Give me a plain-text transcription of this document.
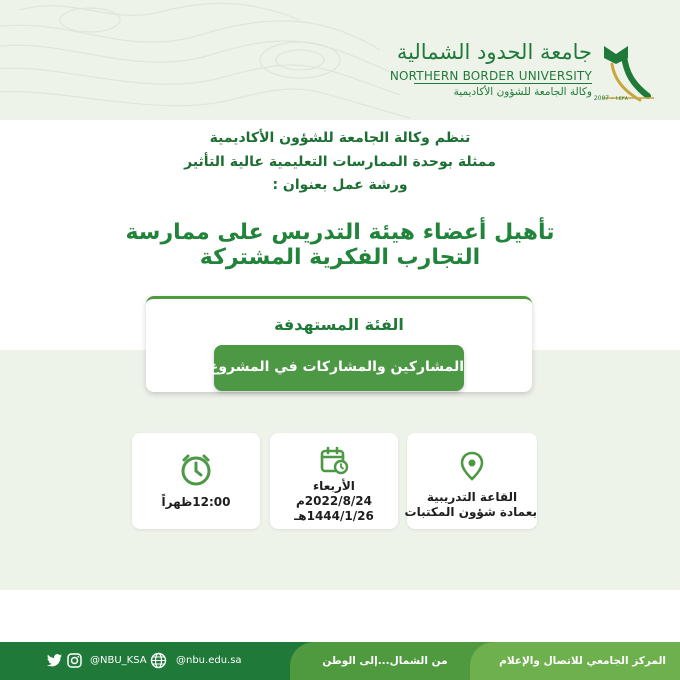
جامعة الحدود الشمالية
NORTHERN BORDER UNIVERSITY
وكالة الجامعة للشؤون الأكاديمية
2007 - ١٤٢٨
تنظم وكالة الجامعة للشؤون الأكاديمية
ممثلة بوحدة الممارسات التعليمية عالية التأثير
ورشة عمل بعنوان :
تأهيل أعضاء هيئة التدريس على ممارسة
التجارب الفكرية المشتركة
الفئة المستهدفة
المشاركين والمشاركات في المشروع
12:00ظهراً
الأربعاء
2022/8/24م
1444/1/26هـ
القاعة التدريبية
بعمادة شؤون المكتبات
المركز الجامعي للاتصال والإعلام
من الشمال...إلى الوطن
@nbu.edu.sa
@NBU_KSA
